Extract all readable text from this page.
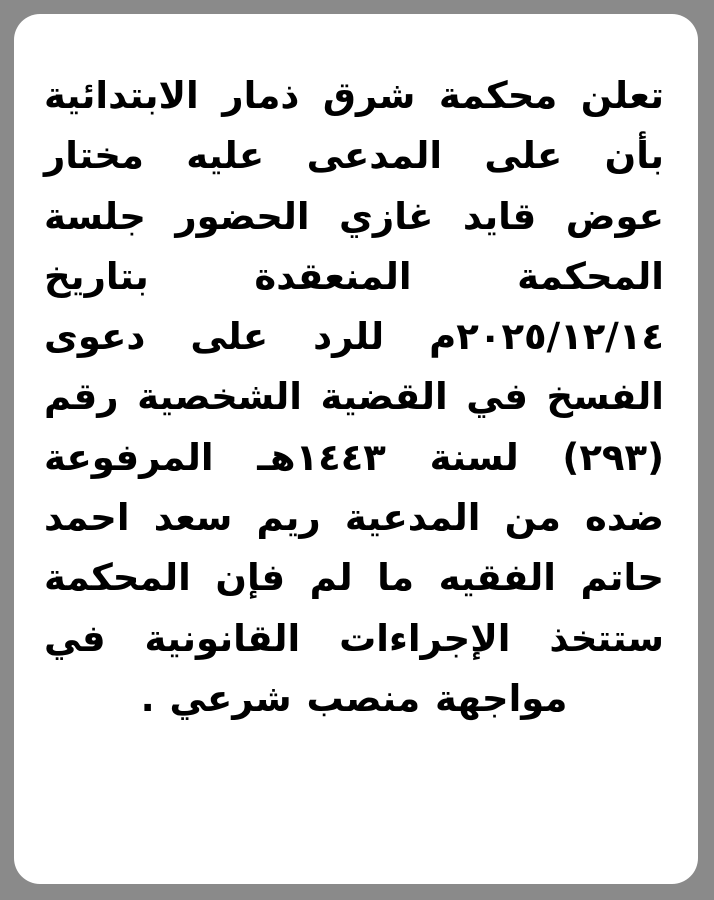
تعلن محكمة شرق ذمار الابتدائية بأن على المدعى عليه مختار عوض قايد غازي الحضور جلسة المحكمة المنعقدة بتاريخ ٢٠٢٥/١٢/١٤م للرد على دعوى الفسخ في القضية الشخصية رقم (٢٩٣) لسنة ١٤٤٣هـ المرفوعة ضده من المدعية ريم سعد احمد حاتم الفقيه ما لم فإن المحكمة ستتخذ الإجراءات القانونية في مواجهة منصب شرعي .
